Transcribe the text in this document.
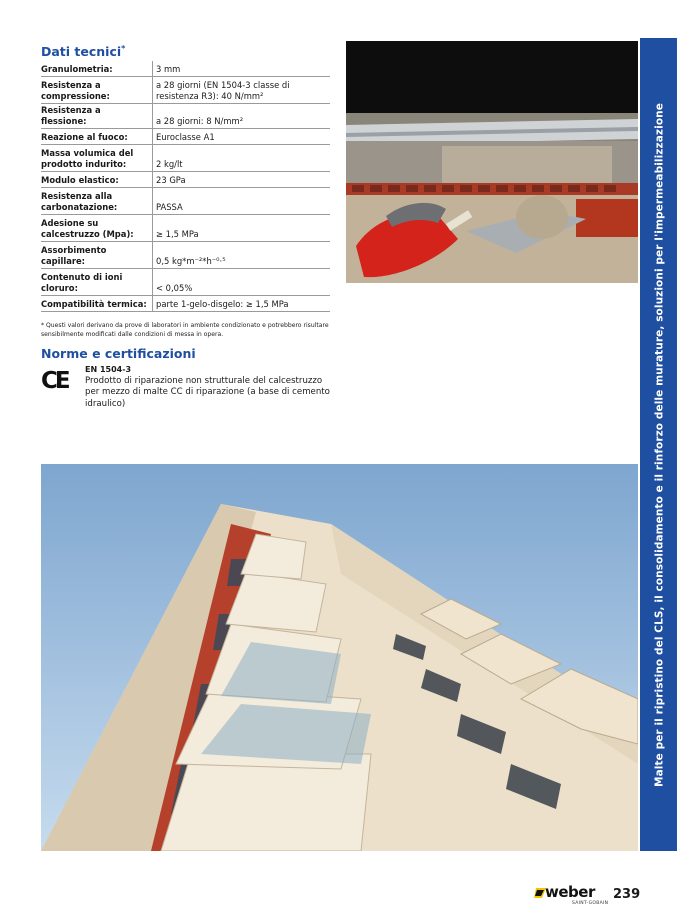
Dati tecnici*
Granulometria:	3 mm
Resistenza a compressione:	a 28 giorni (EN 1504-3 classe di resistenza R3): 40 N/mm²
Resistenza a flessione:	a 28 giorni: 8 N/mm²
Reazione al fuoco:	Euroclasse A1
Massa volumica del prodotto indurito:	2 kg/lt
Modulo elastico:	23 GPa
Resistenza alla carbonatazione:	PASSA
Adesione su calcestruzzo (Mpa):	≥ 1,5 MPa
Assorbimento capillare:	0,5 kg*m⁻²*h⁻⁰·⁵
Contenuto di ioni cloruro:	< 0,05%
Compatibilità termica:	parte 1-gelo-disgelo: ≥ 1,5 MPa
* Questi valori derivano da prove di laboratori in ambiente condizionato e potrebbero risultare sensibilmente modificati dalle condizioni di messa in opera.
Norme e certificazioni
CE EN 1504-3
Prodotto di riparazione non strutturale del calcestruzzo per mezzo di malte CC di riparazione (a base di cemento idraulico)	Malte per il ripristino del CLS, il consolidamento e il rinforzo delle murature, soluzioni per l'impermeabilizzazione
weber
SAINT-GOBAIN
239
